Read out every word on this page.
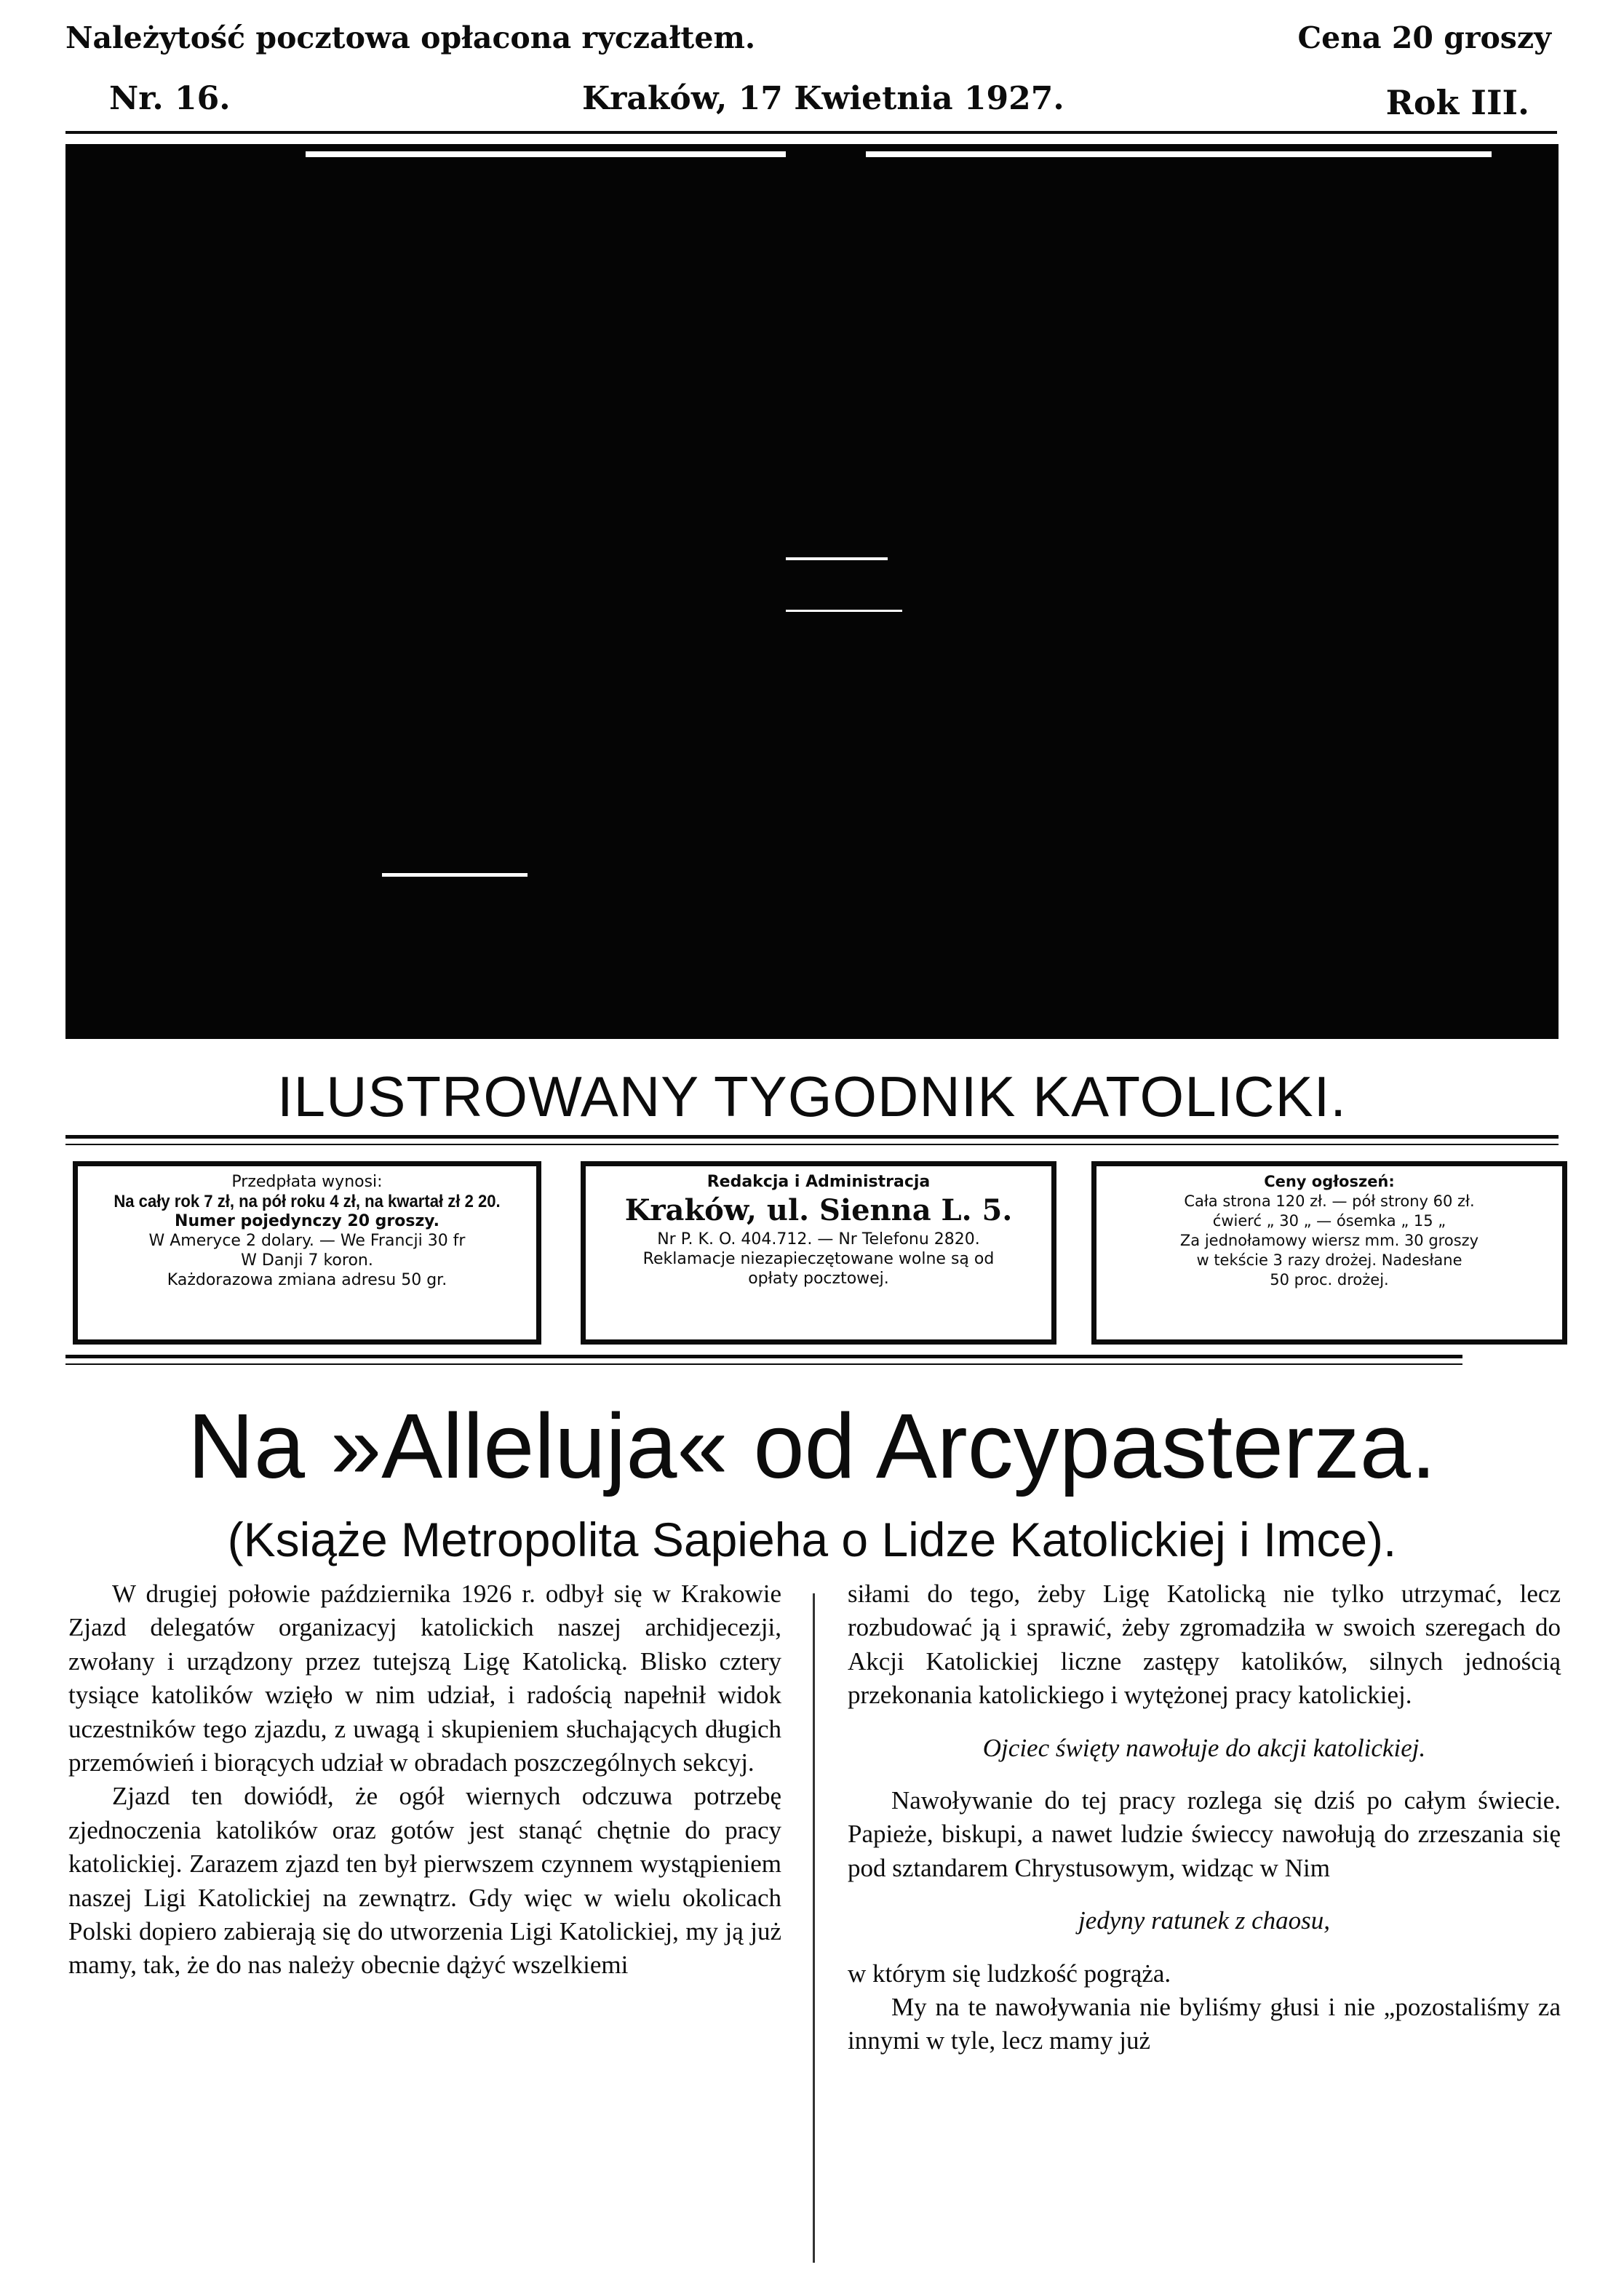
Należytość pocztowa opłacona ryczałtem.	Cena 20 groszy
Nr. 16.	Kraków, 17 Kwietnia 1927.	Rok III.
ILUSTROWANY TYGODNIK KATOLICKI.
Przedpłata wynosi:
Na cały rok 7 zł, na pół roku 4 zł, na kwartał zł 2 20.
Numer pojedynczy 20 groszy.
W Ameryce 2 dolary. — We Francji 30 fr
W Danji 7 koron.
Każdorazowa zmiana adresu 50 gr.
Redakcja i Administracja
Kraków, ul. Sienna L. 5.
Nr P. K. O. 404.712. — Nr Telefonu 2820.
Reklamacje niezapieczętowane wolne są od
opłaty pocztowej.
Ceny ogłoszeń:
Cała strona 120 zł. — pół strony 60 zł.
ćwierć „ 30 „ — ósemka „ 15 „
Za jednołamowy wiersz mm. 30 groszy
w tekście 3 razy drożej. Nadesłane
50 proc. drożej.
Na »Alleluja« od Arcypasterza.
(Książe Metropolita Sapieha o Lidze Katolickiej i Imce).

W drugiej połowie października 1926 r. odbył się w Krakowie Zjazd delegatów organizacyj katolickich naszej archidjecezji, zwołany i urządzony przez tutejszą Ligę Katolicką. Blisko cztery tysiące katolików wzięło w nim udział, i radością napełnił widok uczestników tego zjazdu, z uwagą i skupieniem słuchających długich przemówień i biorących udział w obradach poszczególnych sekcyj.

Zjazd ten dowiódł, że ogół wiernych odczuwa potrzebę zjednoczenia katolików oraz gotów jest stanąć chętnie do pracy katolickiej. Zarazem zjazd ten był pierwszem czynnem wystąpieniem naszej Ligi Katolickiej na zewnątrz. Gdy więc w wielu okolicach Polski dopiero zabierają się do utworzenia Ligi Katolickiej, my ją już mamy, tak, że do nas należy obecnie dążyć wszelkiemi

siłami do tego, żeby Ligę Katolicką nie tylko utrzymać, lecz rozbudować ją i sprawić, żeby zgromadziła w swoich szeregach do Akcji Katolickiej liczne zastępy katolików, silnych jednością przekonania katolickiego i wytężonej pracy katolickiej.

Ojciec święty nawołuje do akcji katolickiej.

Nawoływanie do tej pracy rozlega się dziś po całym świecie. Papieże, biskupi, a nawet ludzie świeccy nawołują do zrzeszania się pod sztandarem Chrystusowym, widząc w Nim

jedyny ratunek z chaosu,

w którym się ludzkość pogrąża.

My na te nawoływania nie byliśmy głusi i nie „pozostaliśmy za innymi w tyle, lecz mamy już
